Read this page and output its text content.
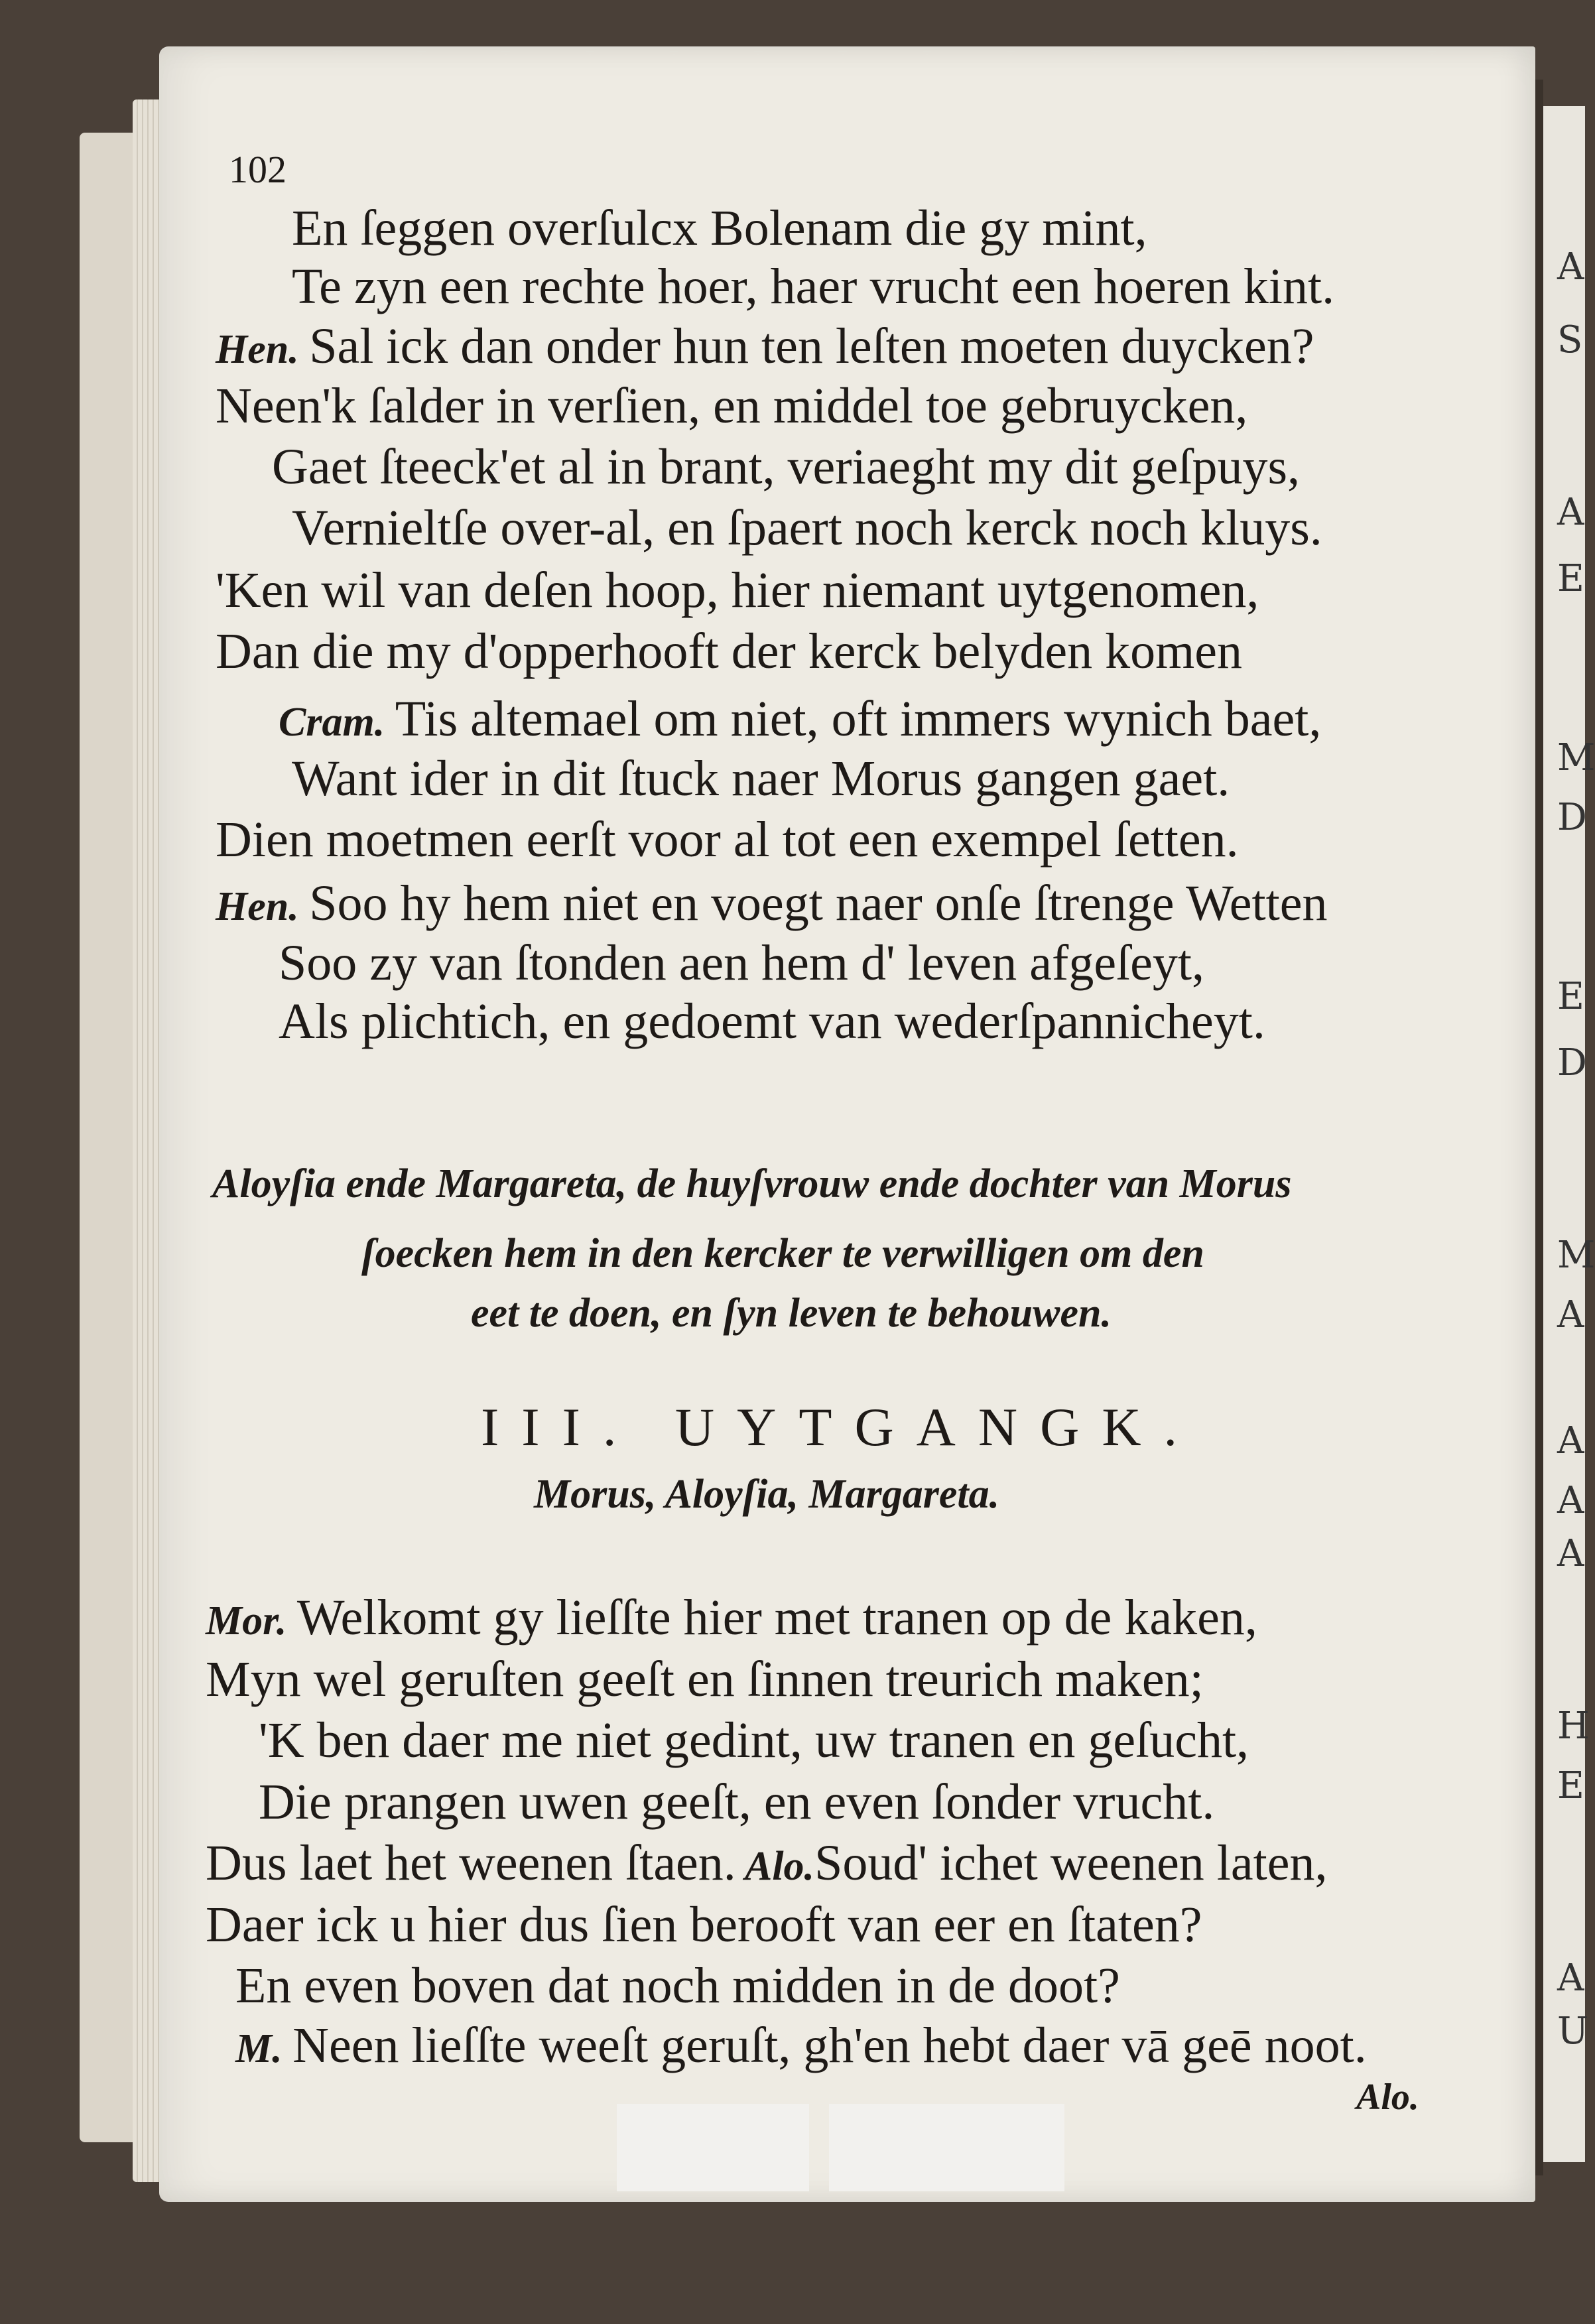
A
S
A
E
M
D
E
D
M
A
A
A
A
H
E
A
U
102
En ſeggen overſulcx Bolenam die gy mint,
Te zyn een rechte hoer, haer vrucht een hoeren kint.
Hen. Sal ick dan onder hun ten leſten moeten duycken?
Neen'k ſalder in verſien, en middel toe gebruycken,
Gaet ſteeck'et al in brant, veriaeght my dit geſpuys,
Vernieltſe over-al, en ſpaert noch kerck noch kluys.
'Ken wil van deſen hoop, hier niemant uytgenomen,
Dan die my d'opperhooft der kerck belyden komen
Cram. Tis altemael om niet, oft immers wynich baet,
Want ider in dit ſtuck naer Morus gangen gaet.
Dien moetmen eerſt voor al tot een exempel ſetten.
Hen. Soo hy hem niet en voegt naer onſe ſtrenge Wetten
Soo zy van ſtonden aen hem d' leven afgeſeyt,
Als plichtich, en gedoemt van wederſpannicheyt.
Aloyſia ende Margareta, de huyſvrouw ende dochter van Morus
ſoecken hem in den kercker te verwilligen om den
eet te doen, en ſyn leven te behouwen.
III. UYTGANGK.
Morus, Aloyſia, Margareta.
Mor. Welkomt gy lieſſte hier met tranen op de kaken,
Myn wel geruſten geeſt en ſinnen treurich maken;
'K ben daer me niet gedint, uw tranen en geſucht,
Die prangen uwen geeſt, en even ſonder vrucht.
Dus laet het weenen ſtaen. Alo.Soud' ichet weenen laten,
Daer ick u hier dus ſien berooft van eer en ſtaten?
En even boven dat noch midden in de doot?
M. Neen lieſſte weeſt geruſt, gh'en hebt daer vā geē noot.
Alo.
